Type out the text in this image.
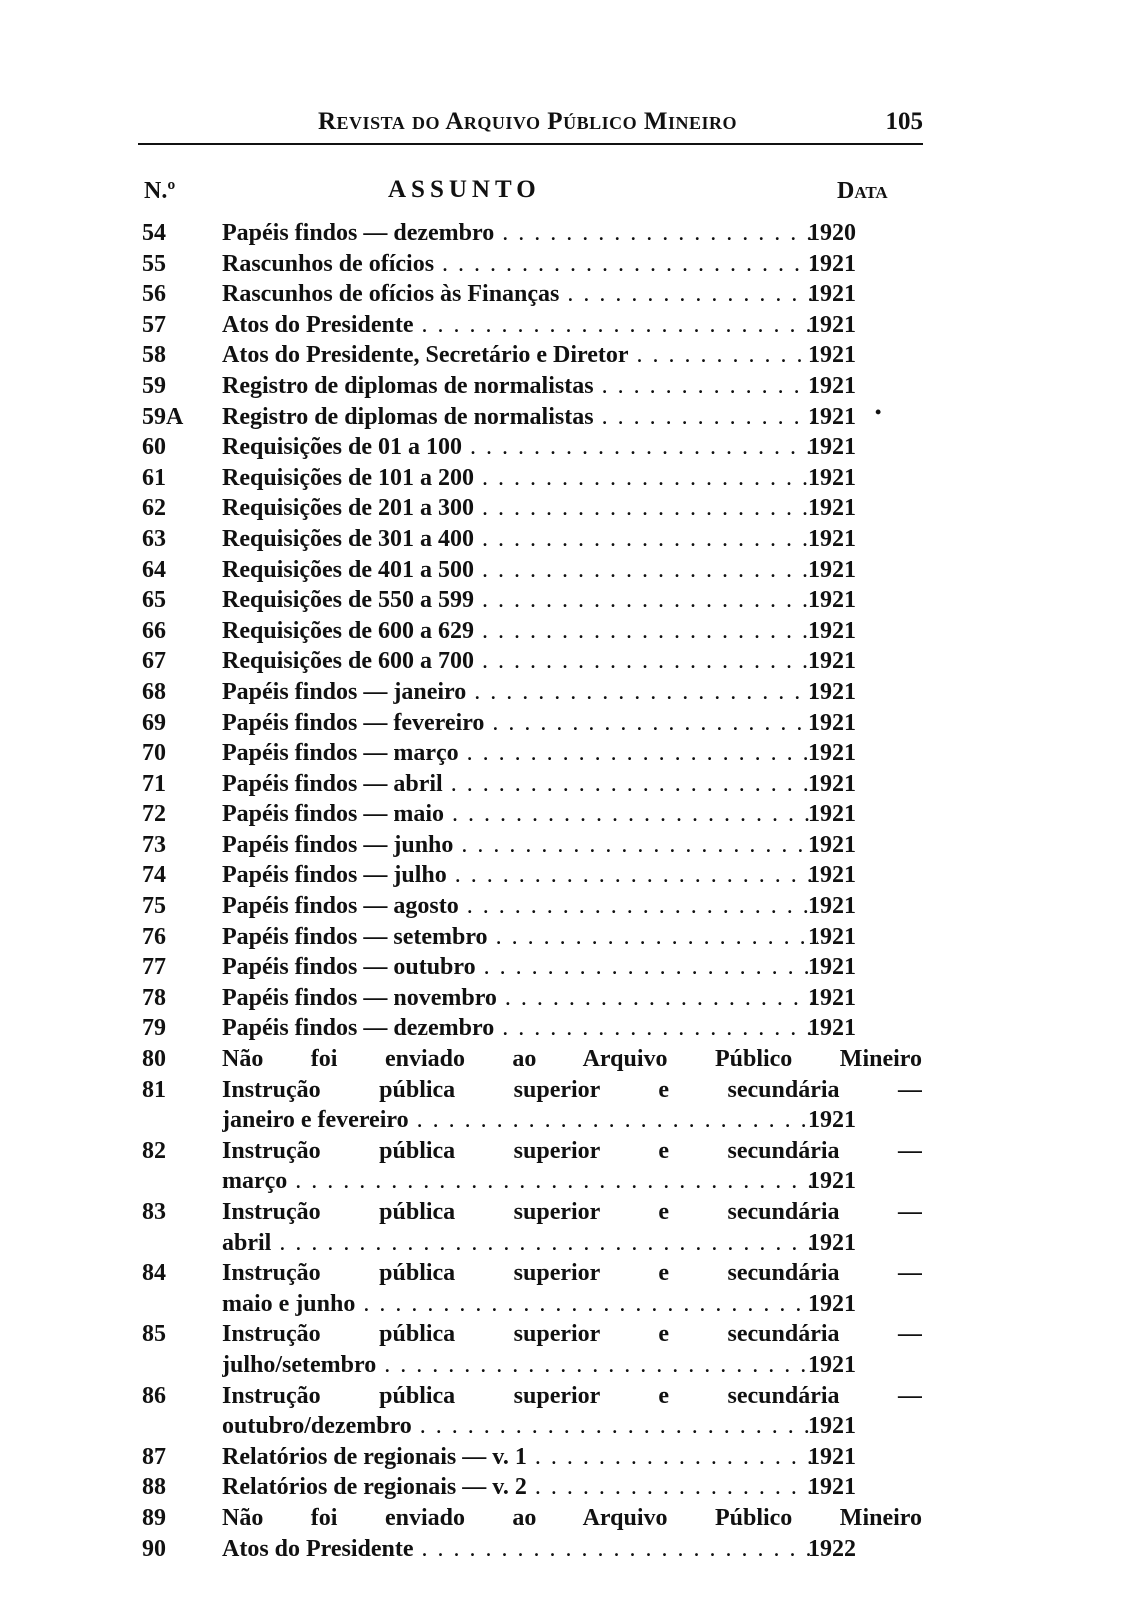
Revista do Arquivo Público Mineiro	105
N.º	ASSUNTO	Data
54	Papéis findos — dezembro . . .	1920
55	Rascunhos de ofícios . . .	1921
56	Rascunhos de ofícios às Finanças . . .	1921
57	Atos do Presidente . . .	1921
58	Atos do Presidente, Secretário e Diretor . . .	1921
59	Registro de diplomas de normalistas . . .	1921
59A	Registro de diplomas de normalistas . . .	1921 •
60	Requisições de 01 a 100 . . .	1921
61	Requisições de 101 a 200 . . .	1921
62	Requisições de 201 a 300 . . .	1921
63	Requisições de 301 a 400 . . .	1921
64	Requisições de 401 a 500 . . .	1921
65	Requisições de 550 a 599 . . .	1921
66	Requisições de 600 a 629 . . .	1921
67	Requisições de 600 a 700 . . .	1921
68	Papéis findos — janeiro . . .	1921
69	Papéis findos — fevereiro . . .	1921
70	Papéis findos — março . . .	1921
71	Papéis findos — abril . . .	1921
72	Papéis findos — maio . . .	1921
73	Papéis findos — junho . . .	1921
74	Papéis findos — julho . . .	1921
75	Papéis findos — agosto . . .	1921
76	Papéis findos — setembro . . .	1921
77	Papéis findos — outubro . . .	1921
78	Papéis findos — novembro . . .	1921
79	Papéis findos — dezembro . . .	1921
80	Não foi enviado ao Arquivo Público Mineiro
81	Instrução pública superior e secundária —
janeiro e fevereiro . . .	1921
82	Instrução pública superior e secundária —
março . . .	1921
83	Instrução pública superior e secundária —
abril . . .	1921
84	Instrução pública superior e secundária —
maio e junho . . .	1921
85	Instrução pública superior e secundária —
julho/setembro . . .	1921
86	Instrução pública superior e secundária —
outubro/dezembro . . .	1921
87	Relatórios de regionais — v. 1 . . .	1921
88	Relatórios de regionais — v. 2 . . .	1921
89	Não foi enviado ao Arquivo Público Mineiro
90	Atos do Presidente . . .	1922
